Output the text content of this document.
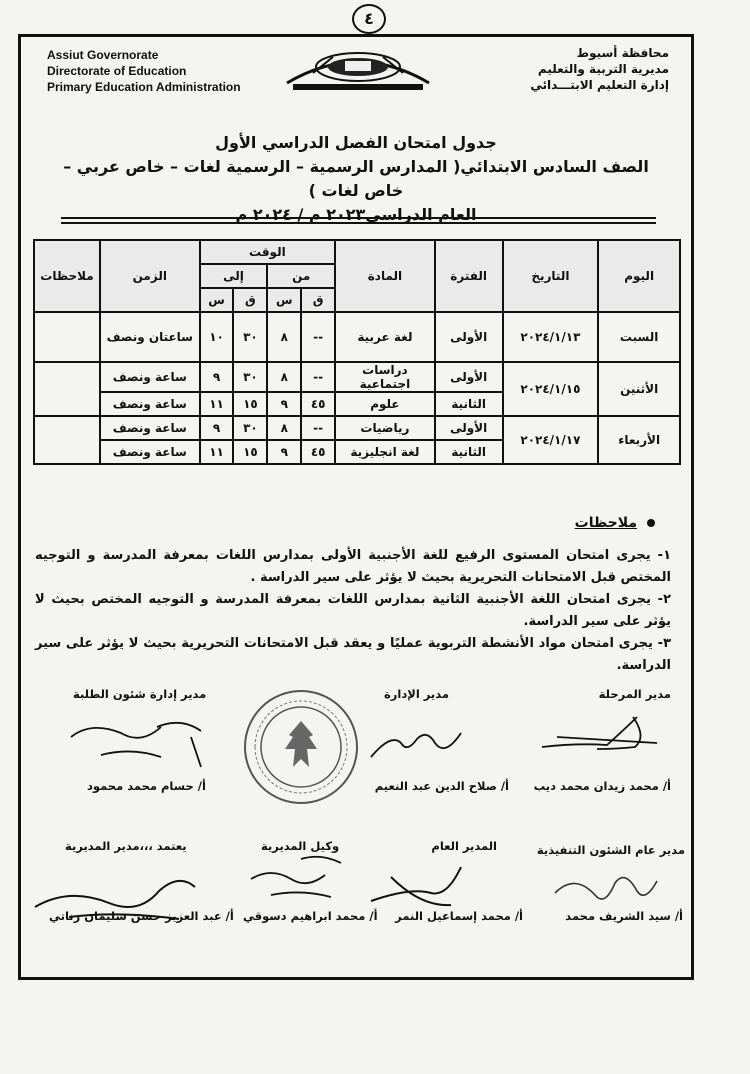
٤
Assiut Governorate
Directorate of Education
Primary Education Administration
محافظة أسيوط
مديرية التربية والتعليم
إدارة التعليم الابتـــدائي
جدول امتحان الفصل الدراسي الأول
الصف السادس الابتدائي( المدارس الرسمية – الرسمية لغات – خاص عربي – خاص لغات )
العام الدراسي٢٠٢٣ م / ٢٠٢٤ م
اليوم	التاريخ	الفترة	المادة	الوقت				الزمن	ملاحظات
				من		إلى			
				ق	س	ق	س		
السبت	٢٠٢٤/١/١٣	الأولى	لغة عربية	--	٨	٣٠	١٠	ساعتان ونصف	
الأثنين	٢٠٢٤/١/١٥	الأولى	دراسات اجتماعية	--	٨	٣٠	٩	ساعة ونصف	
		الثانية	علوم	٤٥	٩	١٥	١١	ساعة ونصف	
الأربعاء	٢٠٢٤/١/١٧	الأولى	رياضيات	--	٨	٣٠	٩	ساعة ونصف	
		الثانية	لغة انجليزية	٤٥	٩	١٥	١١	ساعة ونصف	
ملاحظات

١- يجرى امتحان المستوى الرفيع للغة الأجنبية الأولى بمدارس اللغات بمعرفة المدرسة و التوجيه المختص قبل الامتحانات التحريرية بحيث لا يؤثر على سير الدراسة .

٢- يجرى امتحان اللغة الأجنبية الثانية بمدارس اللغات بمعرفة المدرسة و التوجيه المختص بحيث لا يؤثر على سير الدراسة.

٣- يجرى امتحان مواد الأنشطة التربوية عمليًا و يعقد قبل الامتحانات التحريرية بحيث لا يؤثر على سير الدراسة.

مدير المرحلة
أ/ محمد زيدان محمد ديب
مدير الإدارة
أ/ صلاح الدين عبد النعيم
مدير إدارة شئون الطلبة
أ/ حسام محمد محمود
مدير عام الشئون التنفيذية
أ/ سيد الشريف محمد
المدير العام
أ/ محمد إسماعيل النمر
وكيل المديرية
أ/ محمد ابراهيم دسوقي
يعتمد ،،،مدير المديرية
أ/ عبد العزيز حسن سليمان زناتي
